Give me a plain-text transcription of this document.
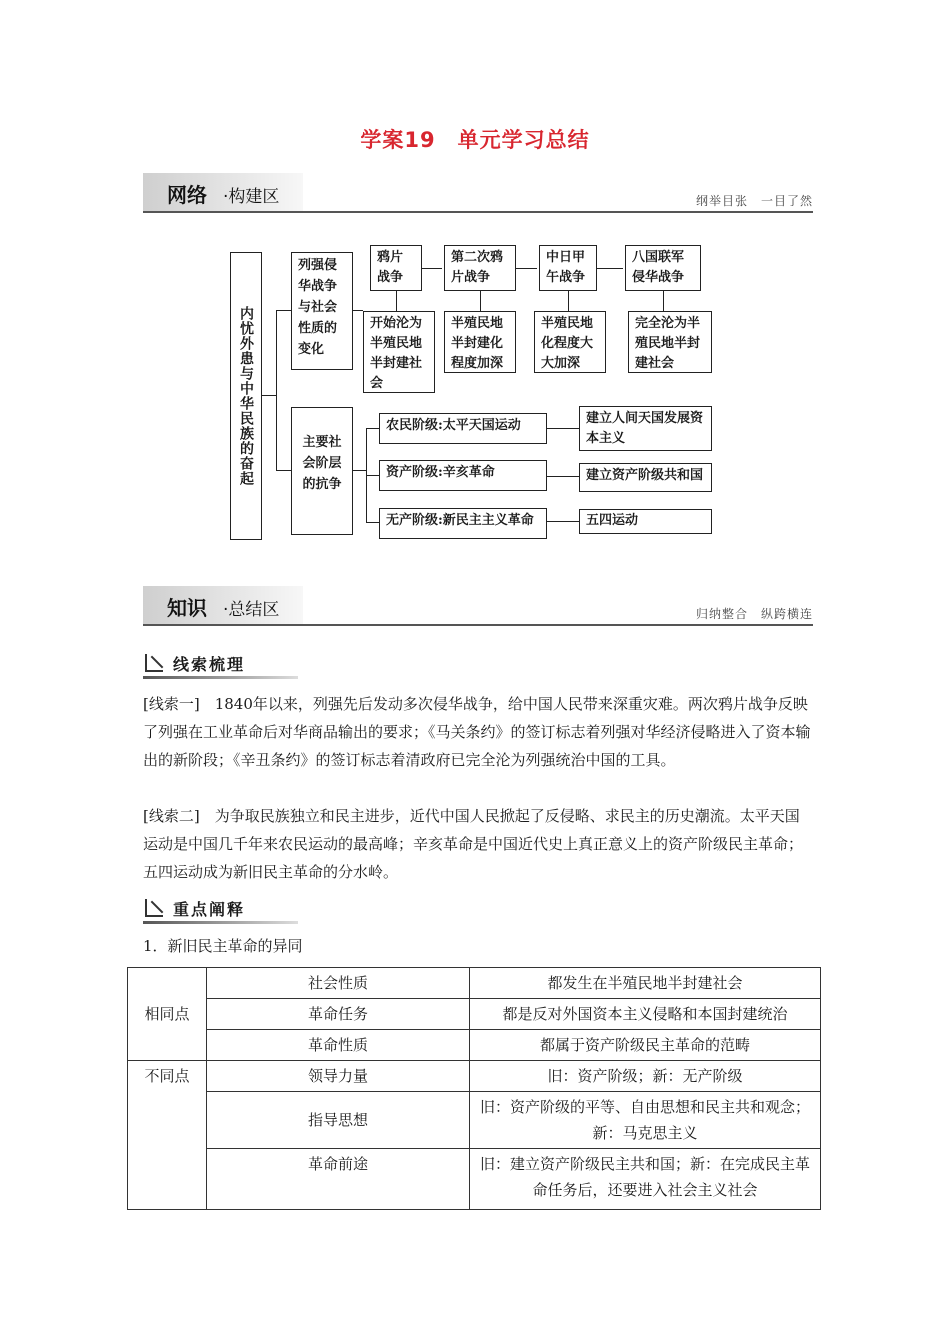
学案19　单元学习总结
网络 ·构建区	纲举目张　一目了然
内忧外患与中华民族的奋起
列强侵华战争与社会性质的变化
主要社会阶层的抗争
鸦片战争
第二次鸦片战争
中日甲午战争
八国联军侵华战争
开始沦为半殖民地半封建社会
半殖民地半封建化程度加深
半殖民地化程度大大加深
完全沦为半殖民地半封建社会
农民阶级:太平天国运动
资产阶级:辛亥革命
无产阶级:新民主主义革命
建立人间天国发展资本主义
建立资产阶级共和国
五四运动
知识 ·总结区	归纳整合　纵跨横连
线索梳理
[线索一]　1840年以来，列强先后发动多次侵华战争，给中国人民带来深重灾难。两次鸦片战争反映了列强在工业革命后对华商品输出的要求；《马关条约》的签订标志着列强对华经济侵略进入了资本输出的新阶段；《辛丑条约》的签订标志着清政府已完全沦为列强统治中国的工具。
[线索二]　为争取民族独立和民主进步，近代中国人民掀起了反侵略、求民主的历史潮流。太平天国运动是中国几千年来农民运动的最高峰；辛亥革命是中国近代史上真正意义上的资产阶级民主革命；五四运动成为新旧民主革命的分水岭。
重点阐释
1．新旧民主革命的异同
相同点	社会性质	都发生在半殖民地半封建社会
	革命任务	都是反对外国资本主义侵略和本国封建统治
	革命性质	都属于资产阶级民主革命的范畴
不同点	领导力量	旧：资产阶级；新：无产阶级
	指导思想	旧：资产阶级的平等、自由思想和民主共和观念；新：马克思主义
	革命前途	旧：建立资产阶级民主共和国；新：在完成民主革命任务后，还要进入社会主义社会
